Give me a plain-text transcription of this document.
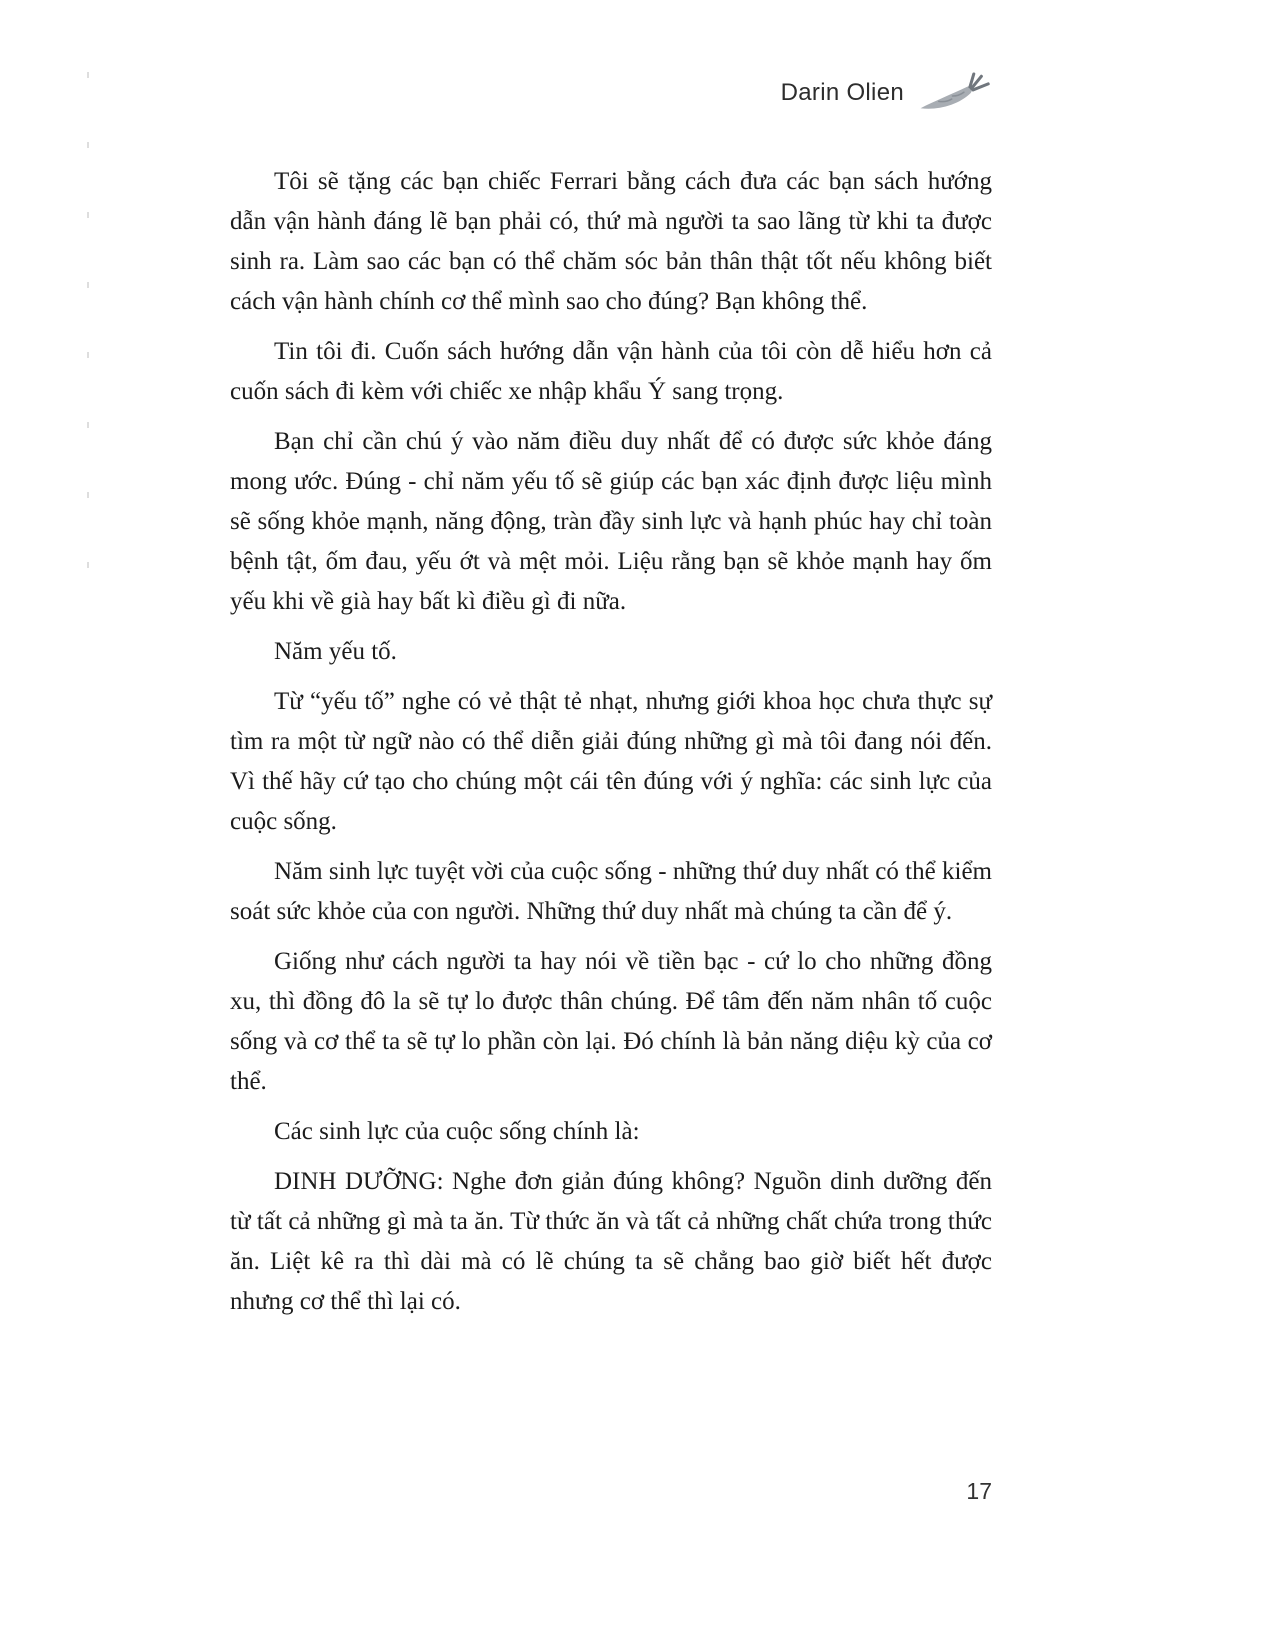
Darin Olien

Tôi sẽ tặng các bạn chiếc Ferrari bằng cách đưa các bạn sách hướng dẫn vận hành đáng lẽ bạn phải có, thứ mà người ta sao lãng từ khi ta được sinh ra. Làm sao các bạn có thể chăm sóc bản thân thật tốt nếu không biết cách vận hành chính cơ thể mình sao cho đúng? Bạn không thể.

Tin tôi đi. Cuốn sách hướng dẫn vận hành của tôi còn dễ hiểu hơn cả cuốn sách đi kèm với chiếc xe nhập khẩu Ý sang trọng.

Bạn chỉ cần chú ý vào năm điều duy nhất để có được sức khỏe đáng mong ước. Đúng - chỉ năm yếu tố sẽ giúp các bạn xác định được liệu mình sẽ sống khỏe mạnh, năng động, tràn đầy sinh lực và hạnh phúc hay chỉ toàn bệnh tật, ốm đau, yếu ớt và mệt mỏi. Liệu rằng bạn sẽ khỏe mạnh hay ốm yếu khi về già hay bất kì điều gì đi nữa.

Năm yếu tố.

Từ “yếu tố” nghe có vẻ thật tẻ nhạt, nhưng giới khoa học chưa thực sự tìm ra một từ ngữ nào có thể diễn giải đúng những gì mà tôi đang nói đến. Vì thế hãy cứ tạo cho chúng một cái tên đúng với ý nghĩa: các sinh lực của cuộc sống.

Năm sinh lực tuyệt vời của cuộc sống - những thứ duy nhất có thể kiểm soát sức khỏe của con người. Những thứ duy nhất mà chúng ta cần để ý.

Giống như cách người ta hay nói về tiền bạc - cứ lo cho những đồng xu, thì đồng đô la sẽ tự lo được thân chúng. Để tâm đến năm nhân tố cuộc sống và cơ thể ta sẽ tự lo phần còn lại. Đó chính là bản năng diệu kỳ của cơ thể.

Các sinh lực của cuộc sống chính là:

DINH DƯỠNG: Nghe đơn giản đúng không? Nguồn dinh dưỡng đến từ tất cả những gì mà ta ăn. Từ thức ăn và tất cả những chất chứa trong thức ăn. Liệt kê ra thì dài mà có lẽ chúng ta sẽ chẳng bao giờ biết hết được nhưng cơ thể thì lại có.

17
